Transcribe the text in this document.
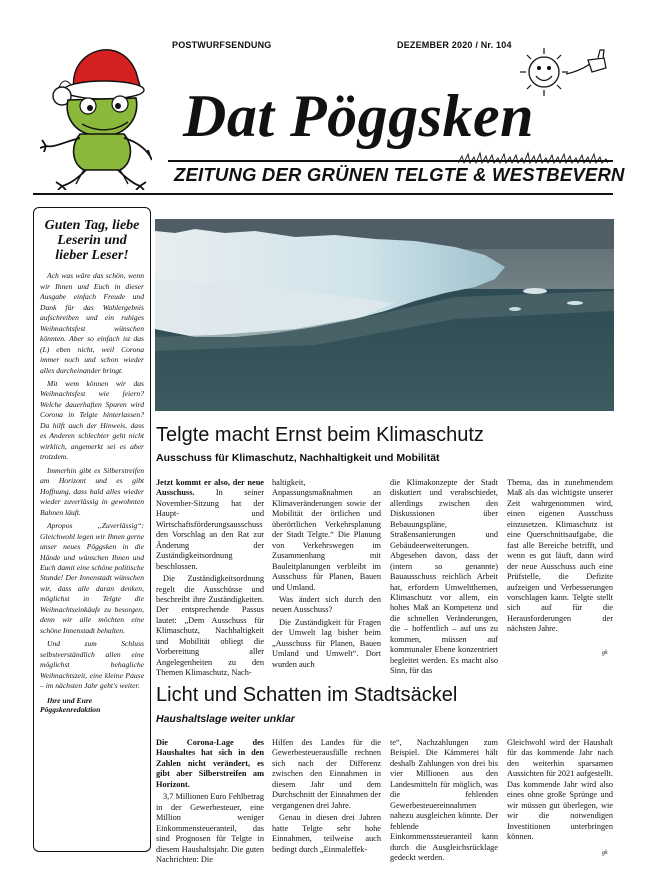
POSTWURFSENDUNG	DEZEMBER 2020 / Nr. 104
Dat Pöggsken
ZEITUNG DER GRÜNEN TELGTE & WESTBEVERN
Guten Tag, liebe Leserin und lieber Leser!

Ach was wäre das schön, wenn wir Ihnen und Euch in dieser Ausgabe einfach Freude und Dank für das Wahlergebnis aufschreiben und ein ruhiges Weihnachtsfest wünschen könnten. Aber so einfach ist das (L) eben nicht, weil Corona immer noch und schon wieder alles durcheinander bringt.

Mit wem können wir das Weihnachtsfest wie feiern? Welche dauerhaften Spuren wird Corona in Telgte hinterlassen? Da hilft auch der Hinweis, dass es Anderen schlechter geht nicht wirklich, angemerkt sei es aber trotzdem.

Immerhin gibt es Silberstreifen am Horizont und es gibt Hoffnung, dass bald alles wieder wieder zuverlässig in gewohnten Bahnen läuft.

Apropos „Zuverlässig“: Gleichwohl legen wir Ihnen gerne unser neues Pöggsken in die Hände und wünschen Ihnen und Euch damit eine schöne politische Stunde! Der Innenstadt wünschen wir, dass alle daran denken, möglichst in Telgte die Weihnachtseinkäufe zu besorgen, denn wir alle möchten eine schöne Innenstadt behalten.

Und zum Schluss selbstverständlich allen eine möglichst behagliche Weihnachtszeit, eine kleine Pause – im nächsten Jahr geht's weiter.

Ihre und Eure Pöggskenredaktion
Telgte macht Ernst beim Klimaschutz
Ausschuss für Klimaschutz, Nachhaltigkeit und Mobilität

Jetzt kommt er also, der neue Ausschuss.	In seiner November-Sitzung hat der Haupt- und Wirtschaftsförderungsausschuss den Vorschlag an den Rat zur Änderung der Zuständigkeitsordnung beschlossen.

Die Zuständigkeitsordnung regelt die Ausschüsse und beschreibt ihre Zuständigkeiten. Der entsprechende Passus lautet: „Dem Ausschuss für Klimaschutz, Nachhaltigkeit und Mobilität obliegt die Vorbereitung aller Angelegenheiten zu den Themen Klimaschutz, Nach-

haltigkeit, Anpassungsmaßnahmen an Klimaveränderungen sowie der Mobilität der örtlichen und überörtlichen Verkehrsplanung der Stadt Telgte.“ Die Planung von Verkehrswegen im Zusammenhang mit Bauleitplanungen verbleibt im Ausschuss für Planen, Bauen und Umland.

Was ändert sich durch den neuen Ausschuss?

Die Zuständigkeit für Fragen der Umwelt lag bisher beim „Ausschuss für Planen, Bauen Umland und Umwelt“. Dort wurden auch

die Klimakonzepte der Stadt diskutiert und verabschiedet, allerdings zwischen den Diskussionen über Bebauungspläne, Straßensanierungen und Gebäudeerweiterungen. Abgesehen davon, dass der (intern so genannte) Bauausschuss reichlich Arbeit hat, erfordern Umweltthemen, Klimaschutz vor allem, ein hohes Maß an Kompetenz und die schnellen Veränderungen, die – hoffentlich – auf uns zu kommen, müssen auf kommunaler Ebene konzentriert begleitet werden. Es macht also Sinn, für das

Thema, das in zunehmendem Maß als das wichtigste unserer Zeit wahrgenommen wird, einen eigenen Ausschuss einzusetzen. Klimaschutz ist eine Querschnittsaufgabe, die fast alle Bereiche betrifft, und wenn es gut läuft, dann wird der neue Ausschuss auch eine Prüfstelle, die Defizite aufzeigen und Verbesserungen vorschlagen kann. Telgte stellt sich auf für die Herausforderungen der nächsten Jahre.

gk
Licht und Schatten im Stadtsäckel
Haushaltslage weiter unklar

Die Corona-Lage des Haushaltes hat sich in den Zahlen nicht verändert, es gibt aber Silberstreifen am Horizont.

3,7 Millionen Euro Fehlbetrag in der Gewerbesteuer, eine Million weniger Einkommensteueranteil, das sind Prognosen für Telgte in diesem Haushaltsjahr. Die guten Nachrichten: Die

Hilfen des Landes für die Gewerbesteuerausfälle rechnen sich nach der Differenz zwischen den Einnahmen in diesem Jahr und dem Durchschnitt der Einnahmen der vergangenen drei Jahre.

Genau in diesen drei Jahren hatte Telgte sehr hohe Einnahmen, teilweise auch bedingt durch „Einmaleffek-

te“, Nachzahlungen zum Beispiel. Die Kämmerei hält deshalb Zahlungen von drei bis vier Millionen aus den Landesmitteln für möglich, was die fehlenden Gewerbesteuereinnahmen nahezu ausgleichen könnte. Der fehlende Einkommenssteueranteil kann durch die Ausgleichsrücklage gedeckt werden.

Gleichwohl wird der Haushalt für das kommende Jahr nach den weiterhin sparsamen Aussichten für 2021 aufgestellt. Das kommende Jahr wird also eines ohne große Sprünge und wir müssen gut überlegen, wie wir die notwendigen Investitionen unterbringen können.

gk
